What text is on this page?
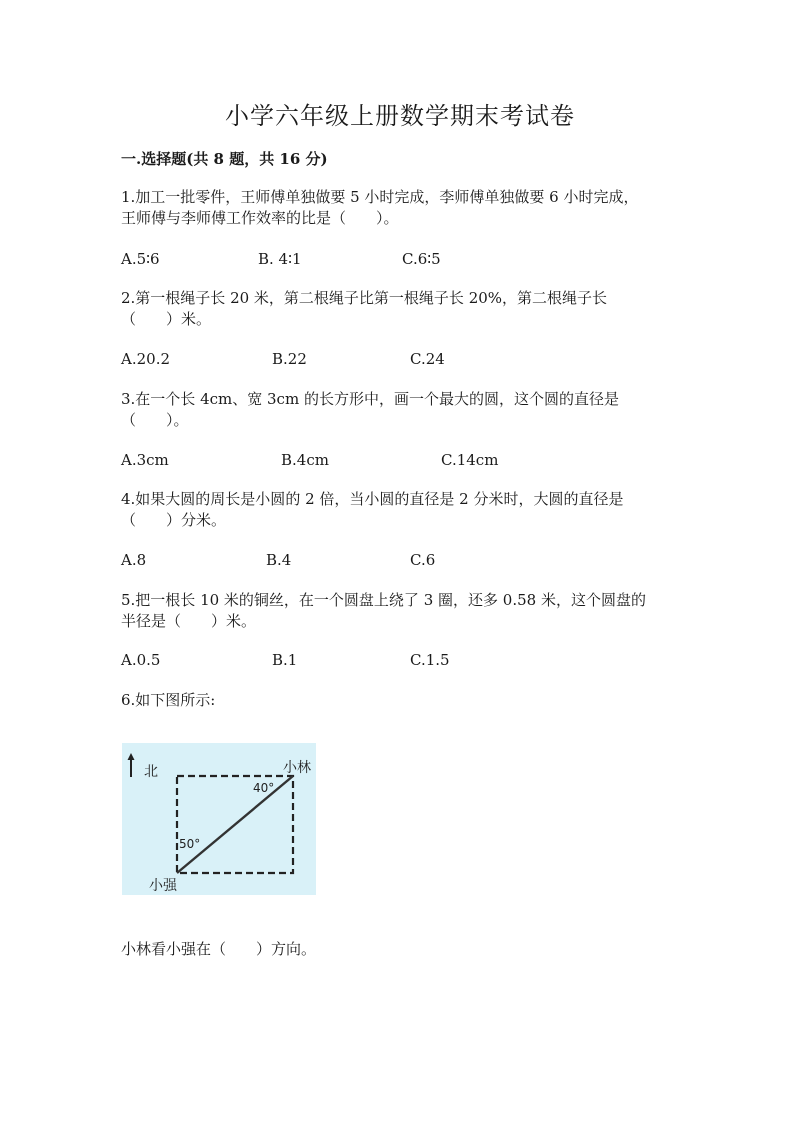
小学六年级上册数学期末考试卷
一.选择题(共 8 题，共 16 分)
1.加工一批零件，王师傅单独做要 5 小时完成，李师傅单独做要 6 小时完成，
王师傅与李师傅工作效率的比是（　　）。
A.5∶6	B. 4∶1	C.6∶5
2.第一根绳子长 20 米，第二根绳子比第一根绳子长 20%，第二根绳子长
（　　）米。
A.20.2	B.22	C.24
3.在一个长 4cm、宽 3cm 的长方形中，画一个最大的圆，这个圆的直径是
（　　）。
A.3cm	B.4cm	C.14cm
4.如果大圆的周长是小圆的 2 倍，当小圆的直径是 2 分米时，大圆的直径是
（　　）分米。
A.8	B.4	C.6
5.把一根长 10 米的铜丝，在一个圆盘上绕了 3 圈，还多 0.58 米，这个圆盘的
半径是（　　）米。
A.0.5	B.1	C.1.5
6.如下图所示:
北	小林
40°
50°
小强
小林看小强在（　　）方向。
